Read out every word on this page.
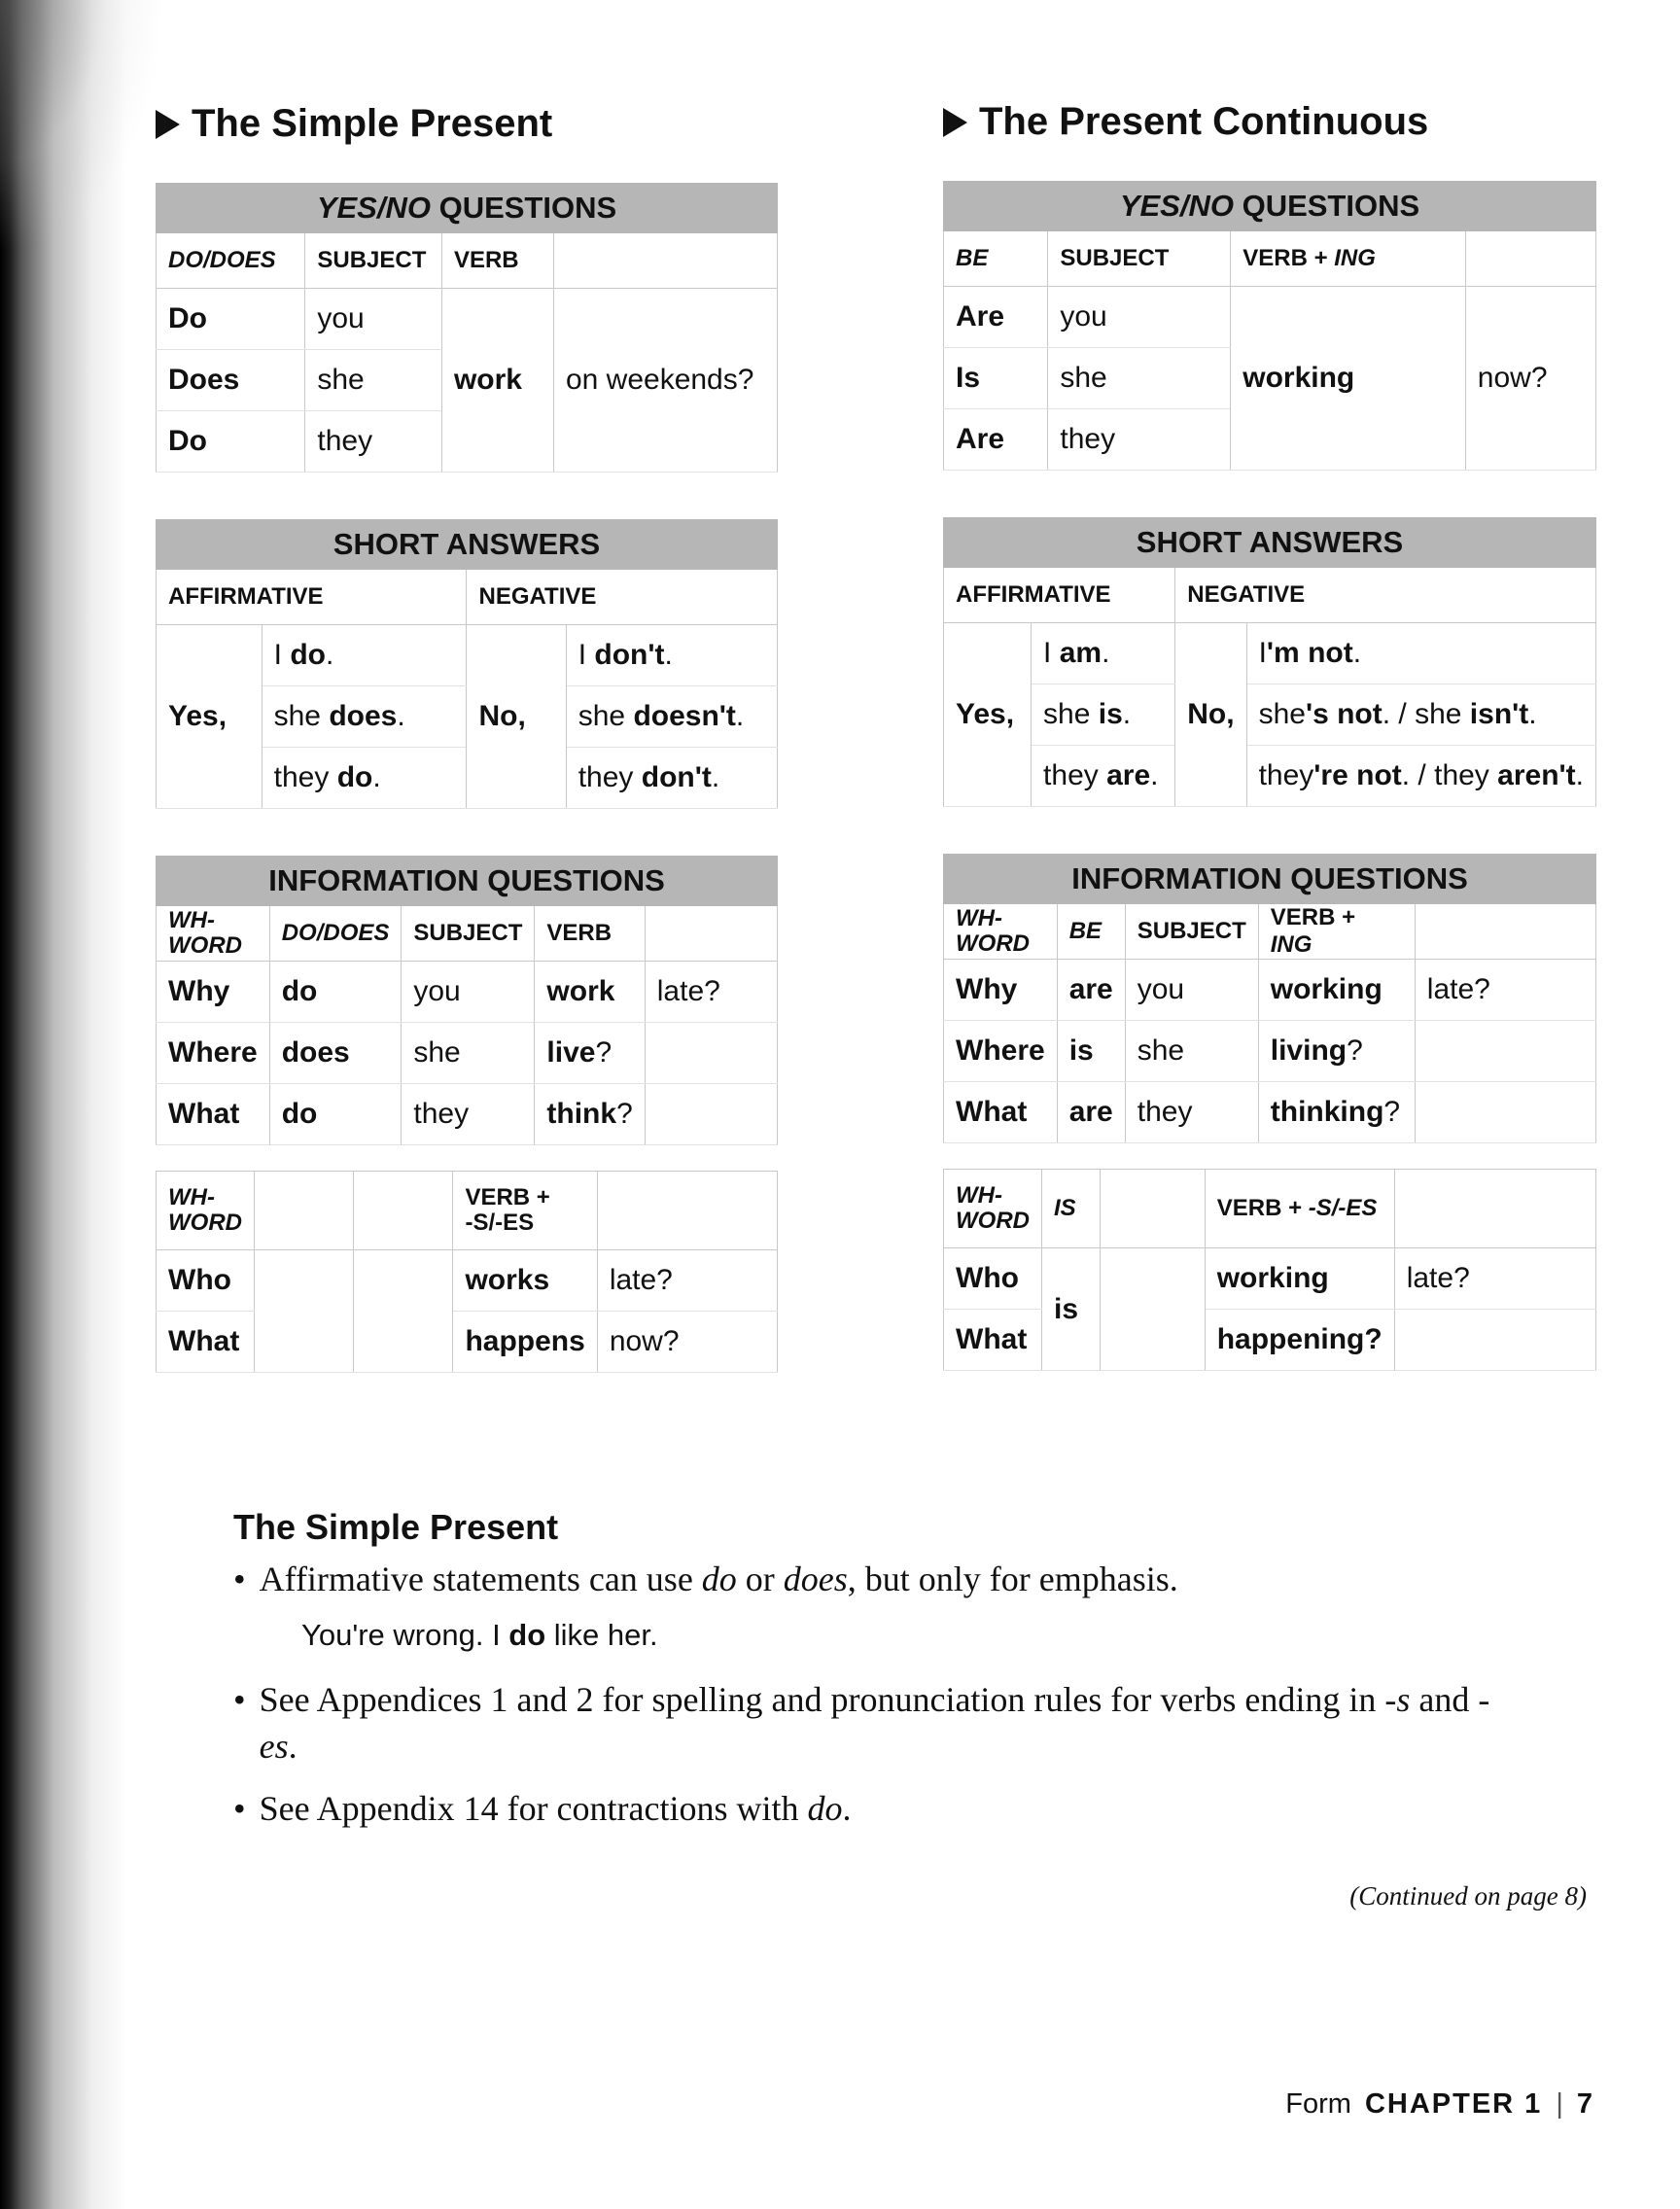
The Simple Present
YES/NO QUESTIONS			
DO/DOES	SUBJECT	VERB	
Do	you	work	on weekends?
Does	she		
Do	they		
SHORT ANSWERS			
AFFIRMATIVE		NEGATIVE	
Yes,	I do.	No,	I don't.
	she does.		she doesn't.
	they do.		they don't.
INFORMATION QUESTIONS				
WH-
WORD	DO/DOES	SUBJECT	VERB	
Why	do	you	work	late?
Where	does	she	live?	
What	do	they	think?	
WH-
WORD			VERB +
-S/-ES	
Who			works	late?
What			happens	now?
The Present Continuous
YES/NO QUESTIONS			
BE	SUBJECT	VERB + ING	
Are	you	working	now?
Is	she		
Are	they		
SHORT ANSWERS			
AFFIRMATIVE		NEGATIVE	
Yes,	I am.	No,	I'm not.
	she is.		she's not. / she isn't.
	they are.		they're not. / they aren't.
INFORMATION QUESTIONS				
WH-
WORD	BE	SUBJECT	VERB + ING	
Why	are	you	working	late?
Where	is	she	living?	
What	are	they	thinking?	
WH-
WORD	IS		VERB + -S/-ES	
Who	is		working	late?
What			happening?	
The Simple Present
• Affirmative statements can use do or does, but only for emphasis.
You're wrong. I do like her.
• See Appendices 1 and 2 for spelling and pronunciation rules for verbs ending in -s and -es.
• See Appendix 14 for contractions with do.
(Continued on page 8)
Form CHAPTER 1 | 7
